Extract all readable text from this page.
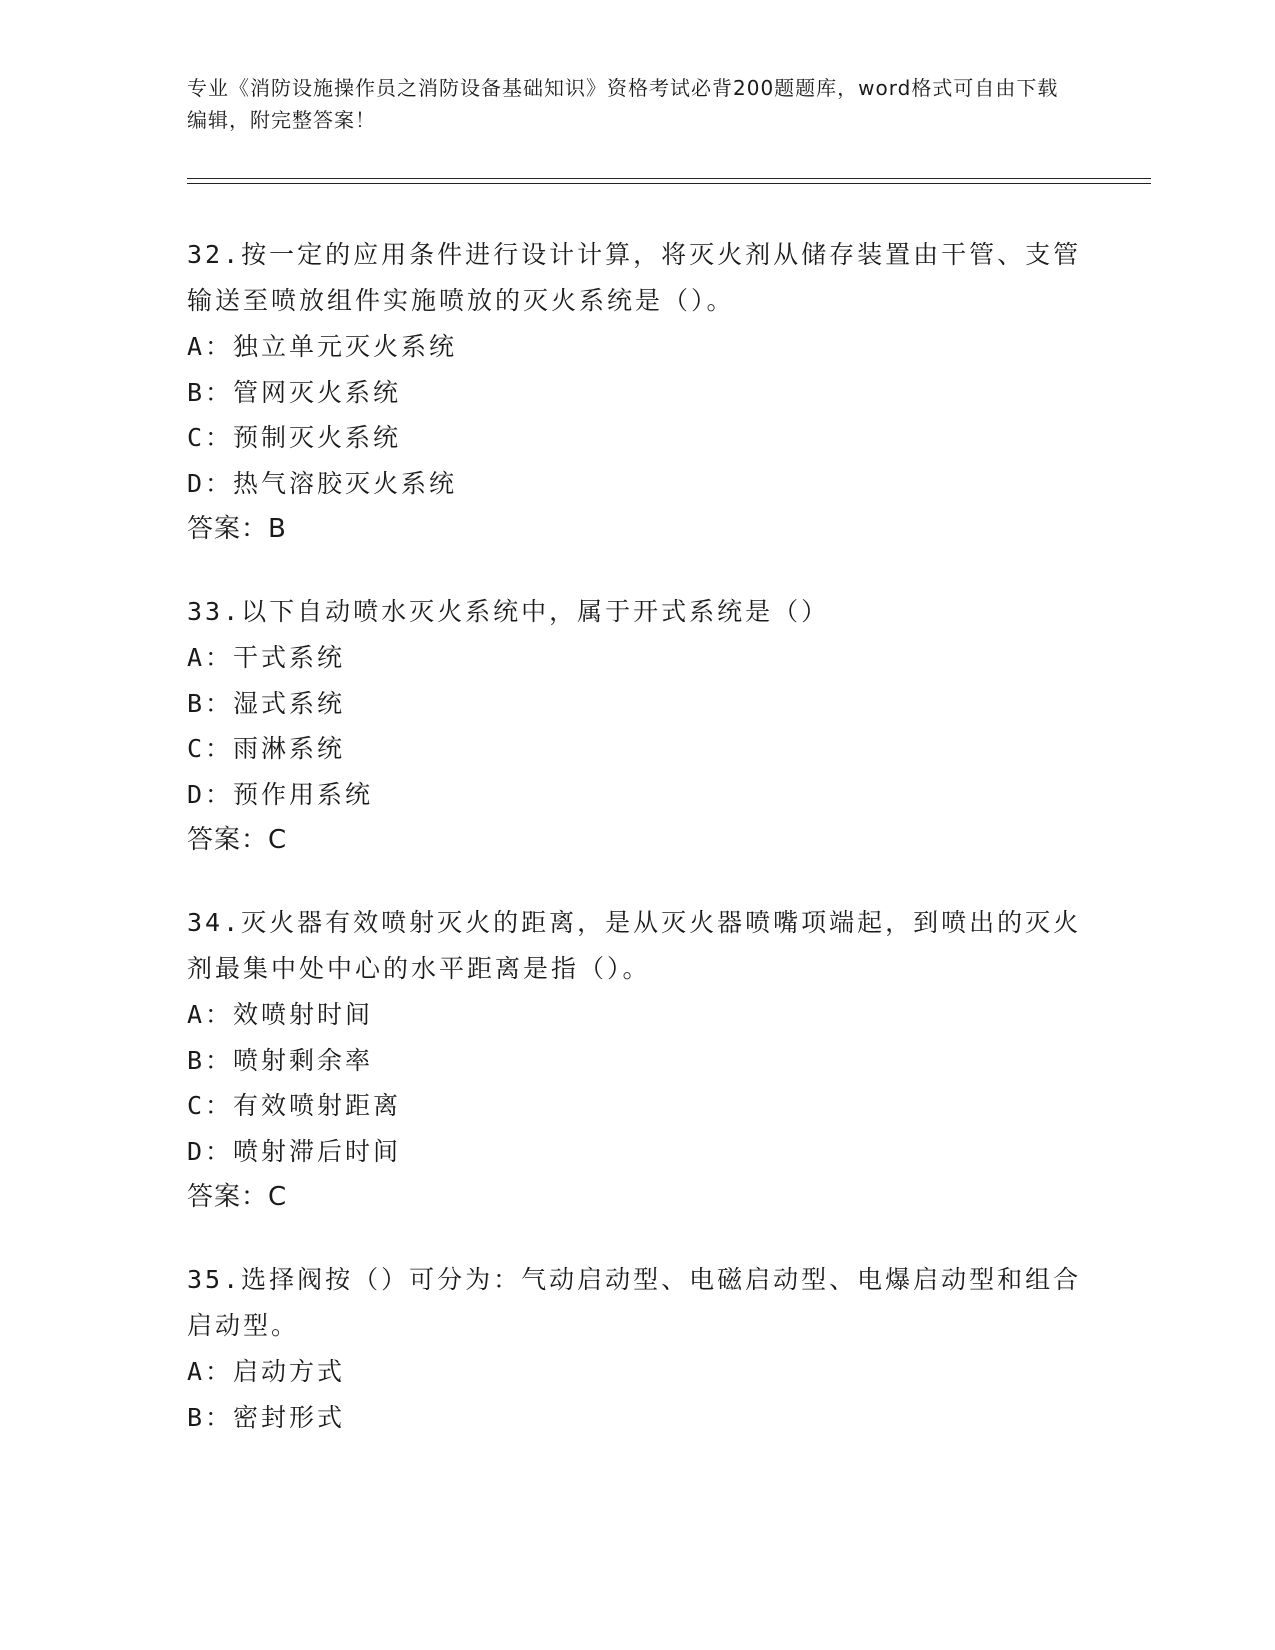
专业《消防设施操作员之消防设备基础知识》资格考试必背200题题库，word格式可自由下载编辑，附完整答案！
32.按一定的应用条件进行设计计算，将灭火剂从储存装置由干管、支管输送至喷放组件实施喷放的灭火系统是（）。
A：独立单元灭火系统
B：管网灭火系统
C：预制灭火系统
D：热气溶胶灭火系统
答案：B
33.以下自动喷水灭火系统中，属于开式系统是（）
A：干式系统
B：湿式系统
C：雨淋系统
D：预作用系统
答案：C
34.灭火器有效喷射灭火的距离，是从灭火器喷嘴项端起，到喷出的灭火剂最集中处中心的水平距离是指（）。
A：效喷射时间
B：喷射剩余率
C：有效喷射距离
D：喷射滞后时间
答案：C
35.选择阀按（）可分为：气动启动型、电磁启动型、电爆启动型和组合启动型。
A：启动方式
B：密封形式
